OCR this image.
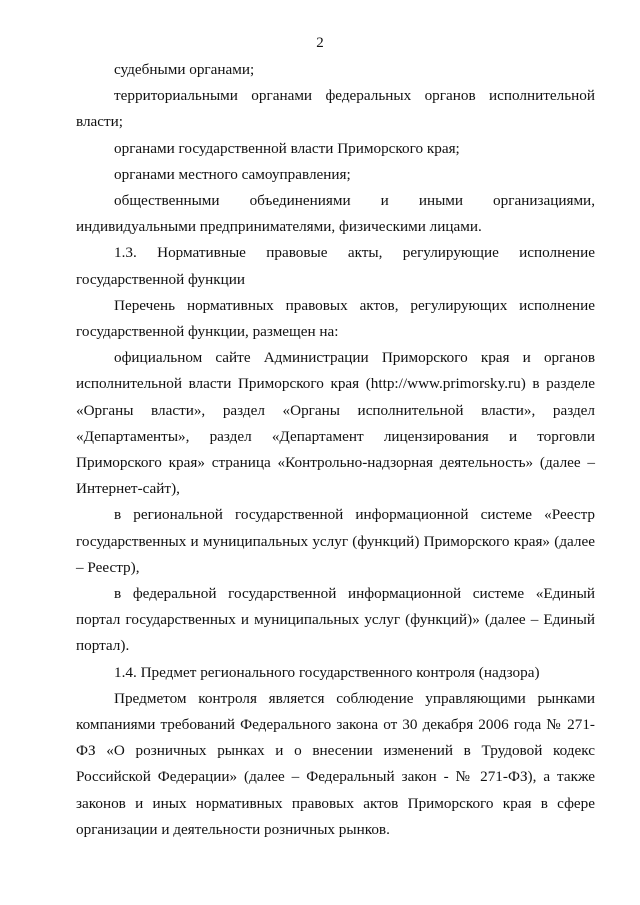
2

судебными органами;

территориальными органами федеральных органов исполнительной власти;

органами государственной власти Приморского края;

органами местного самоуправления;

общественными объединениями и иными организациями, индивидуальными предпринимателями, физическими лицами.

1.3. Нормативные правовые акты, регулирующие исполнение государственной функции

Перечень нормативных правовых актов, регулирующих исполнение государственной функции, размещен на:

официальном сайте Администрации Приморского края и органов исполнительной власти Приморского края (http://www.primorsky.ru) в разделе «Органы власти», раздел «Органы исполнительной власти», раздел «Департаменты», раздел «Департамент лицензирования и торговли Приморского края» страница «Контрольно-надзорная деятельность» (далее – Интернет-сайт),

в региональной государственной информационной системе «Реестр государственных и муниципальных услуг (функций) Приморского края» (далее – Реестр),

в федеральной государственной информационной системе «Единый портал государственных и муниципальных услуг (функций)» (далее – Единый портал).

1.4. Предмет регионального государственного контроля (надзора)

Предметом контроля является соблюдение управляющими рынками компаниями требований Федерального закона от 30 декабря 2006 года № 271-ФЗ «О розничных рынках и о внесении изменений в Трудовой кодекс Российской Федерации» (далее – Федеральный закон - № 271-ФЗ), а также законов и иных нормативных правовых актов Приморского края в сфере организации и деятельности розничных рынков.
